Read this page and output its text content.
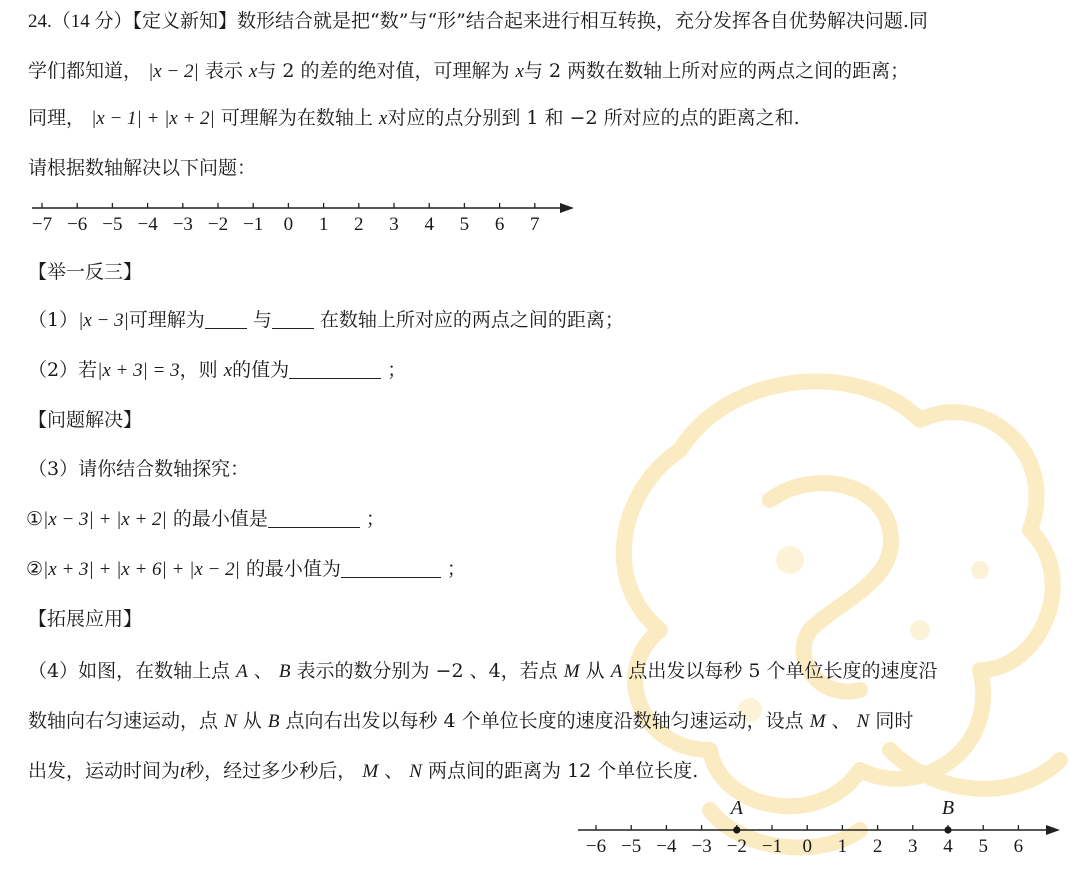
24.（14 分）【定义新知】数形结合就是把“数”与“形”结合起来进行相互转换，充分发挥各自优势解决问题.同
学们都知道， |x − 2| 表示 x与 2 的差的绝对值，可理解为 x与 2 两数在数轴上所对应的两点之间的距离；
同理， |x − 1| + |x + 2| 可理解为在数轴上 x对应的点分别到 1 和 −2 所对应的点的距离之和.
请根据数轴解决以下问题：
−7 −6 −5 −4 −3 −2 −1 0 1 2 3 4 5 6 7
【举一反三】
（1）|x − 3|可理解为	与	在数轴上所对应的两点之间的距离；
（2）若|x + 3| = 3，则 x的值为	；
【问题解决】
（3）请你结合数轴探究：
①|x − 3| + |x + 2| 的最小值是	；
②|x + 3| + |x + 6| + |x − 2| 的最小值为	；
【拓展应用】
（4）如图，在数轴上点 A 、 B 表示的数分别为 −2 、4，若点 M 从 A 点出发以每秒 5 个单位长度的速度沿
数轴向右匀速运动，点 N 从 B 点向右出发以每秒 4 个单位长度的速度沿数轴匀速运动，设点 M 、 N 同时
出发，运动时间为t秒，经过多少秒后， M 、 N 两点间的距离为 12 个单位长度.
−6 −5 −4 −3 −2 −1 0 1 2 3 4 5 6
A	B
